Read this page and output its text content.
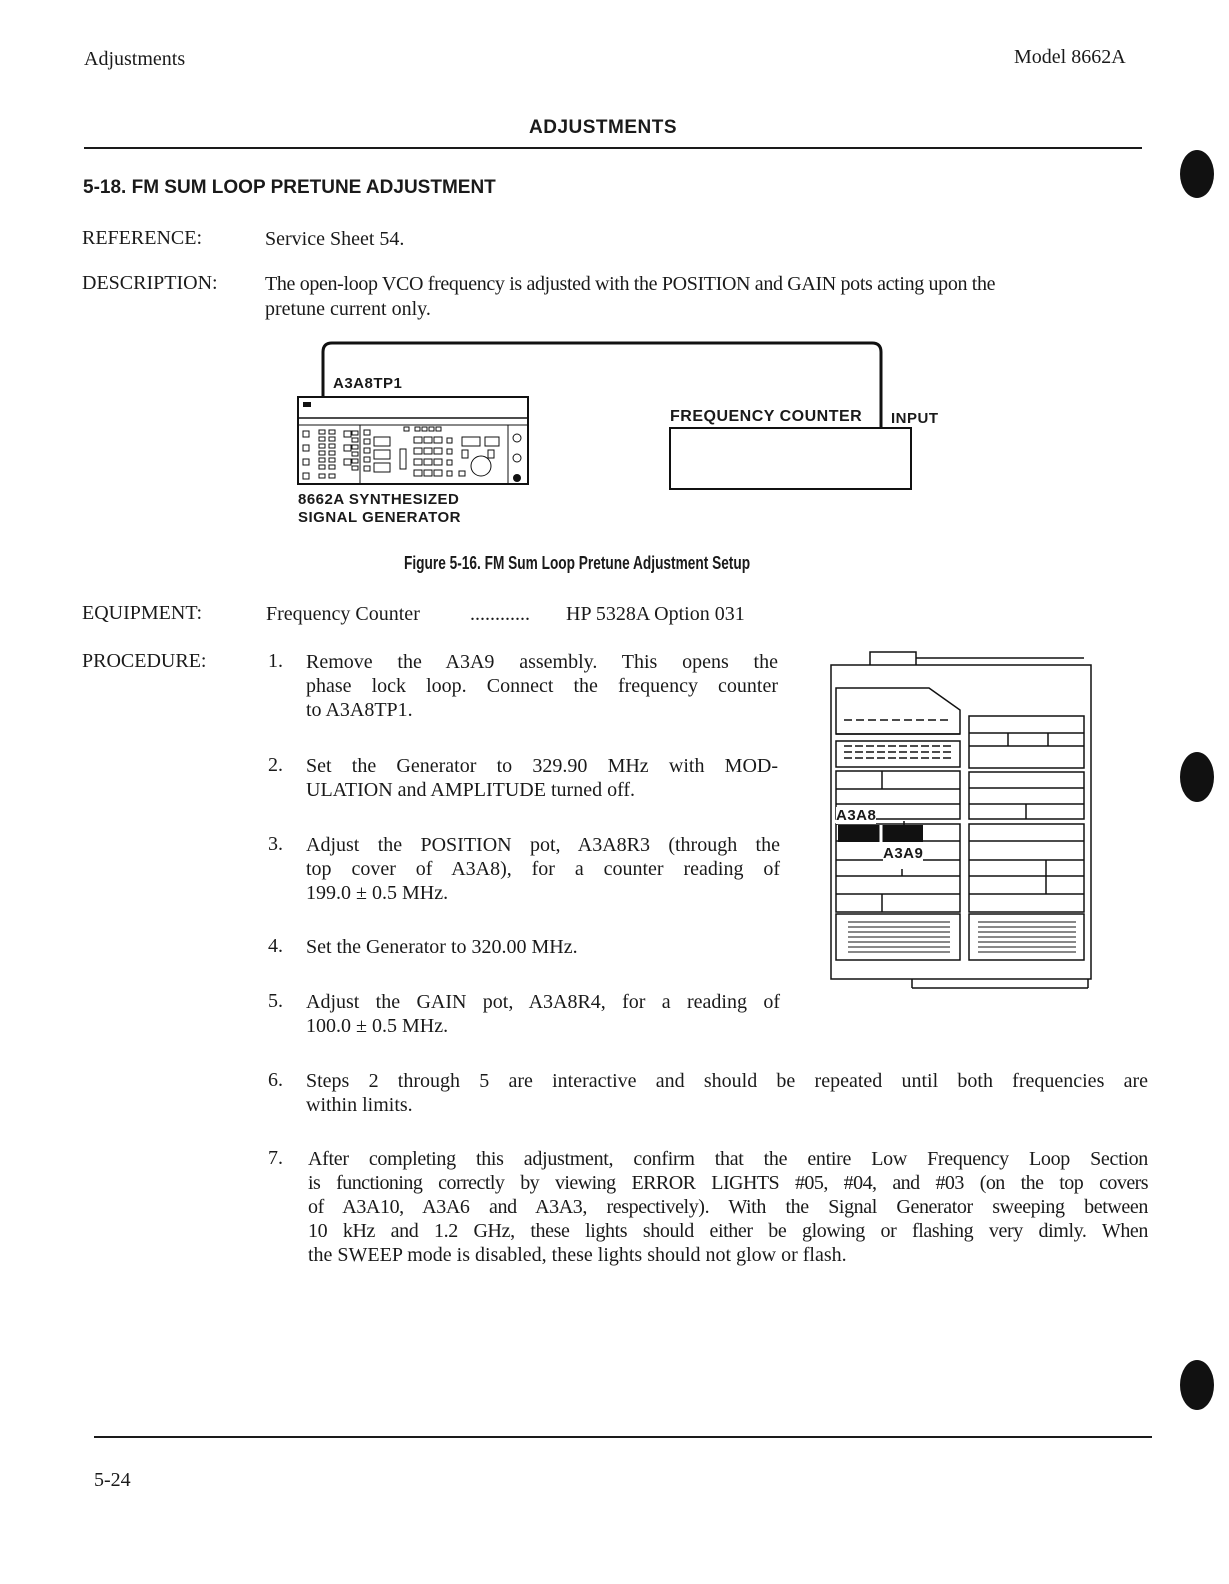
Adjustments	Model 8662A
ADJUSTMENTS
5-18. FM SUM LOOP PRETUNE ADJUSTMENT
REFERENCE:	Service Sheet 54.
DESCRIPTION: The open-loop VCO frequency is adjusted with the POSITION and GAIN pots acting upon the
pretune current only.
A3A8TP1
FREQUENCY COUNTER INPUT
8662A SYNTHESIZED
SIGNAL GENERATOR
Figure 5-16. FM Sum Loop Pretune Adjustment Setup
EQUIPMENT:	Frequency Counter	............ HP 5328A Option 031
PROCEDURE:	1. Remove the A3A9 assembly. This opens the
phase lock loop. Connect the frequency counter
to A3A8TP1.
2. Set the Generator to 329.90 MHz with MOD-
ULATION and AMPLITUDE turned off.
3. Adjust the POSITION pot, A3A8R3 (through the
top cover of A3A8), for a counter reading of
199.0 ± 0.5 MHz.
4. Set the Generator to 320.00 MHz.
5. Adjust the GAIN pot, A3A8R4, for a reading of
100.0 ± 0.5 MHz.
6. Steps 2 through 5 are interactive and should be repeated until both frequencies are
within limits.
7. After completing this adjustment, confirm that the entire Low Frequency Loop Section
is functioning correctly by viewing ERROR LIGHTS #05, #04, and #03 (on the top covers
of A3A10, A3A6 and A3A3, respectively). With the Signal Generator sweeping between
10 kHz and 1.2 GHz, these lights should either be glowing or flashing very dimly. When
the SWEEP mode is disabled, these lights should not glow or flash.
A3A8
A3A9
5-24
